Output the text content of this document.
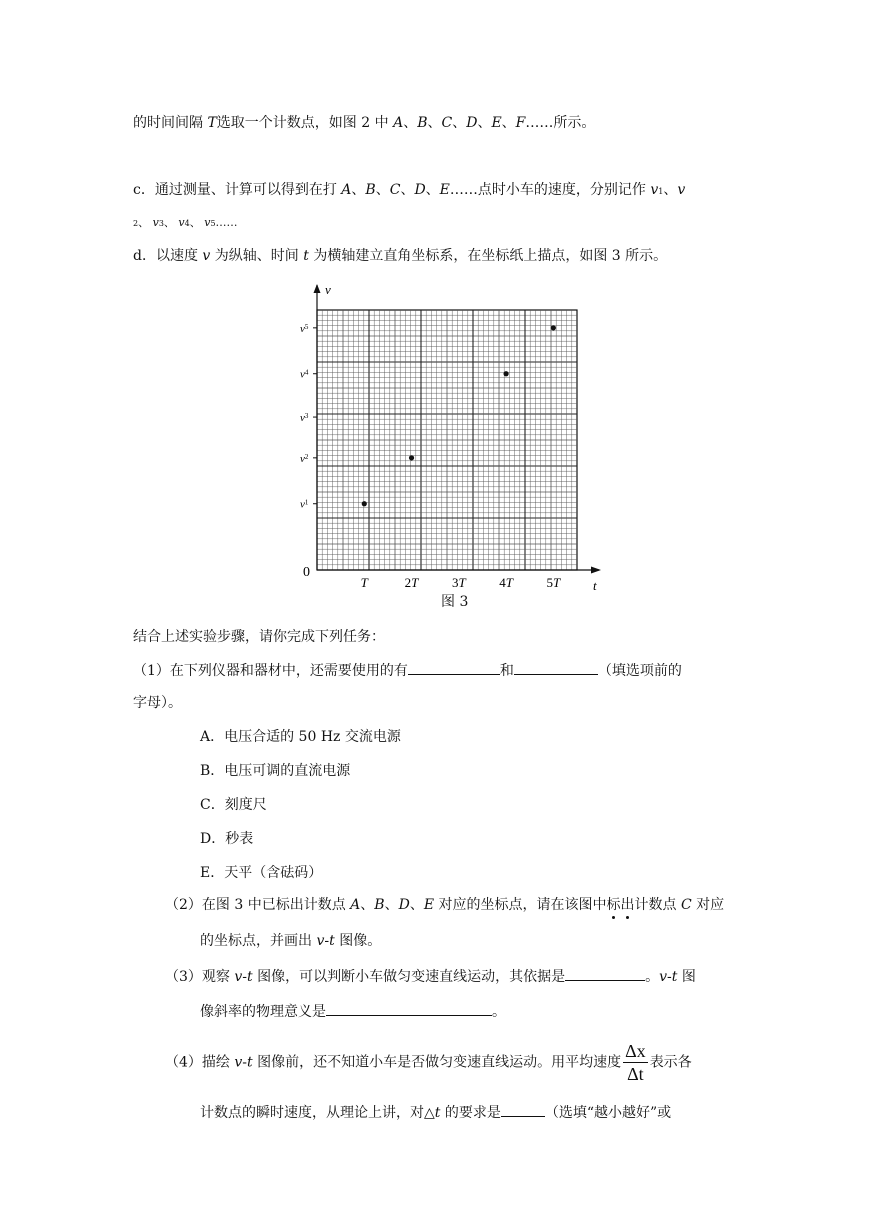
的时间间隔 T选取一个计数点，如图 2 中 A、B、C、D、E、F……所示。
c．通过测量、计算可以得到在打 A、B、C、D、E……点时小车的速度，分别记作 v1、v
2、 v3、 v4、 v5……
d．以速度 v 为纵轴、时间 t 为横轴建立直角坐标系，在坐标纸上描点，如图 3 所示。
$v^1$
$v^2$
$v^3$
$v^4$
$v^5$
T	2T	3T	4T	5T
v
t
0
图 3
结合上述实验步骤，请你完成下列任务：
（1）在下列仪器和器材中，还需要使用的有	和	（填选项前的
字母）。
A．电压合适的 50 Hz 交流电源
B．电压可调的直流电源
C．刻度尺
D．秒表
E．天平（含砝码）
（2）在图 3 中已标出计数点 A、B、D、E 对应的坐标点，请在该图中标出计数点 C 对应
的坐标点，并画出 v-t 图像。
（3）观察 v-t 图像，可以判断小车做匀变速直线运动，其依据是	。v-t 图
像斜率的物理意义是	。
（4）描绘 v-t 图像前，还不知道小车是否做匀变速直线运动。用平均速度 $\frac{\Delta x}{\Delta t}$ 表示各
计数点的瞬时速度，从理论上讲，对△t 的要求是	（选填“越小越好”或
